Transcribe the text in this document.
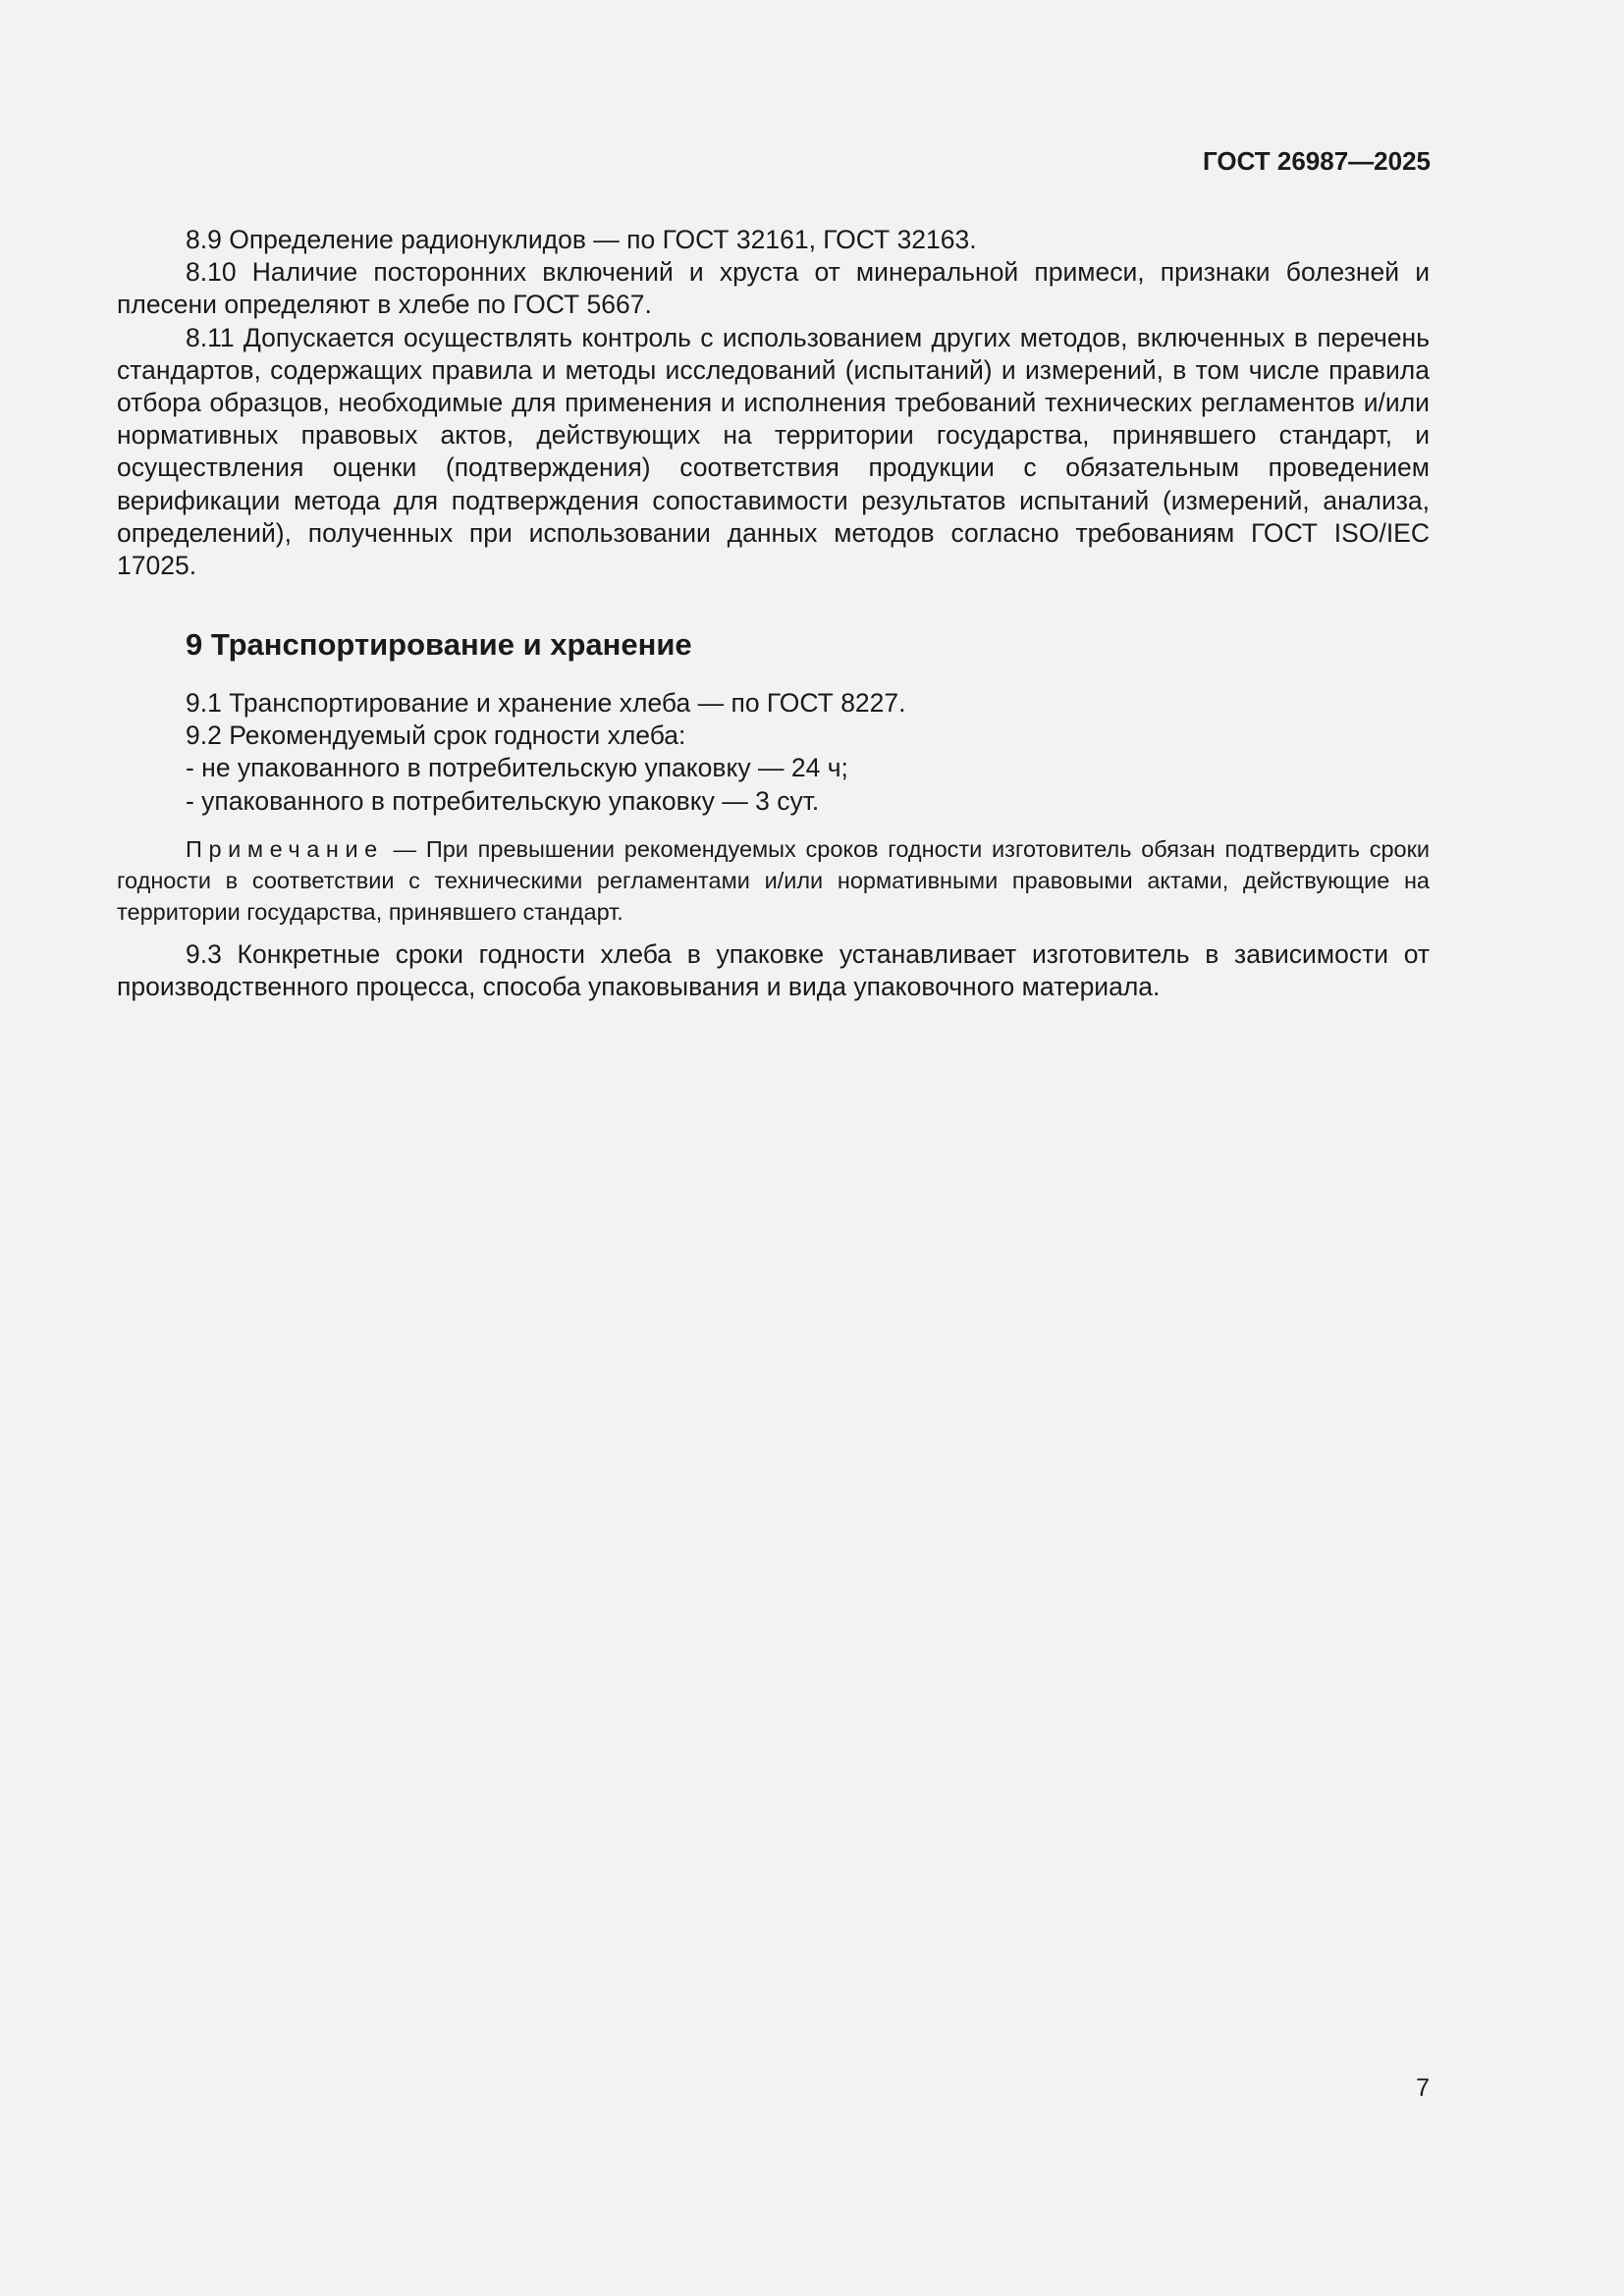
ГОСТ 26987—2025

8.9 Определение радионуклидов — по ГОСТ 32161, ГОСТ 32163.

8.10 Наличие посторонних включений и хруста от минеральной примеси, признаки болезней и плесени определяют в хлебе по ГОСТ 5667.

8.11 Допускается осуществлять контроль с использованием других методов, включенных в перечень стандартов, содержащих правила и методы исследований (испытаний) и измерений, в том числе правила отбора образцов, необходимые для применения и исполнения требований технических регламентов и/или нормативных правовых актов, действующих на территории государства, принявшего стандарт, и осуществления оценки (подтверждения) соответствия продукции с обязательным проведением верификации метода для подтверждения сопоставимости результатов испытаний (измерений, анализа, определений), полученных при использовании данных методов согласно требованиям ГОСТ ISO/IEC 17025.

9 Транспортирование и хранение

9.1 Транспортирование и хранение хлеба — по ГОСТ 8227.

9.2 Рекомендуемый срок годности хлеба:

- не упакованного в потребительскую упаковку — 24 ч;

- упакованного в потребительскую упаковку — 3 сут.

Примечание — При превышении рекомендуемых сроков годности изготовитель обязан подтвердить сроки годности в соответствии с техническими регламентами и/или нормативными правовыми актами, действующие на территории государства, принявшего стандарт.

9.3 Конкретные сроки годности хлеба в упаковке устанавливает изготовитель в зависимости от производственного процесса, способа упаковывания и вида упаковочного материала.

7
